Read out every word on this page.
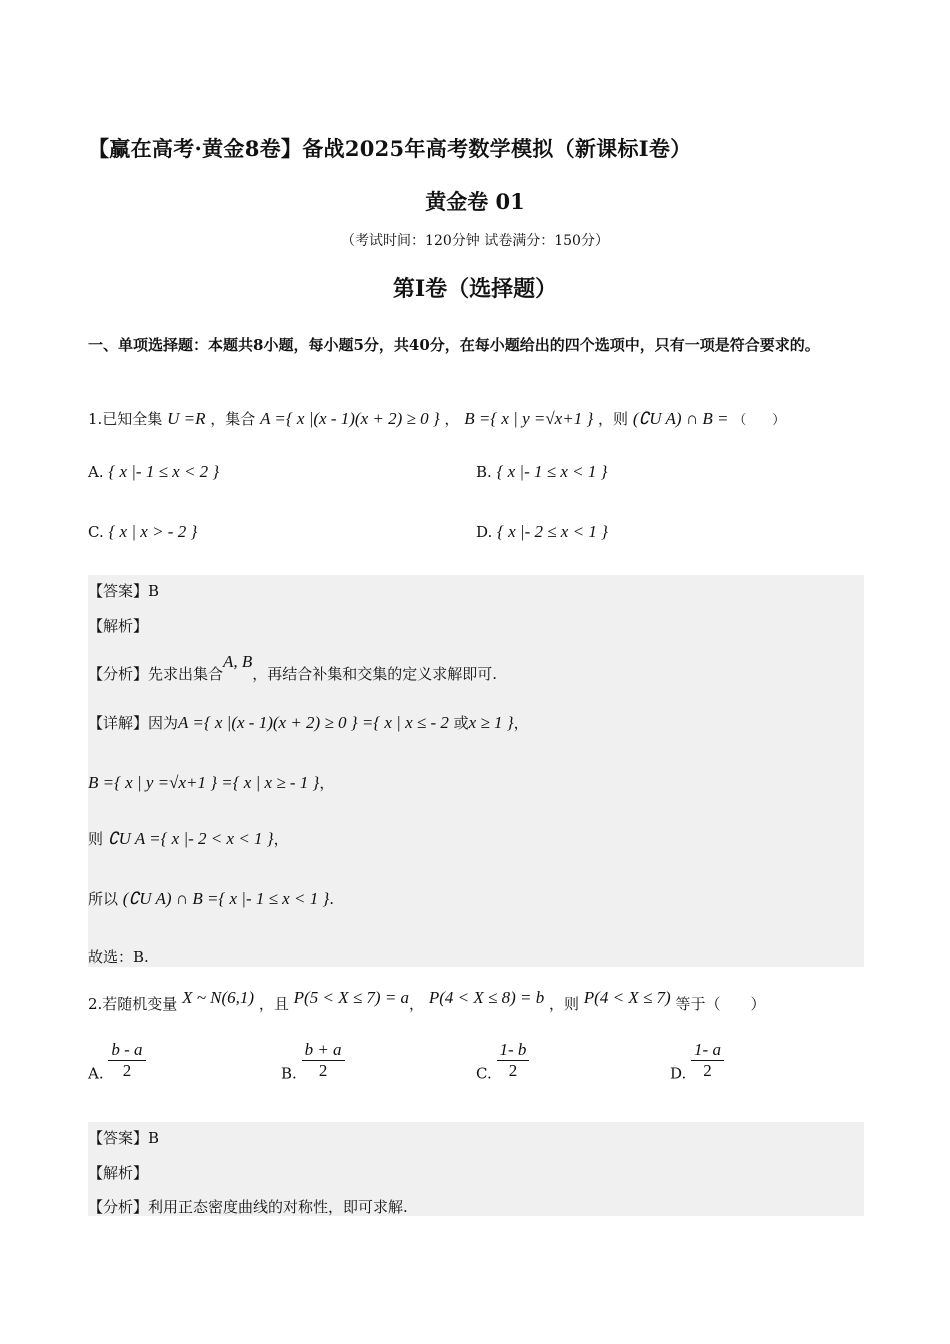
【赢在高考·黄金8卷】备战2025年高考数学模拟（新课标I卷）
黄金卷 01
（考试时间：120分钟 试卷满分：150分）
第I卷（选择题）
一、单项选择题：本题共8小题，每小题5分，共40分，在每小题给出的四个选项中，只有一项是符合要求的。
1.已知全集 U =R ，集合 A ={ x |(x - 1)(x + 2) ≥ 0 } ， B ={ x | y =√x+1 } ，则 (∁U A) ∩ B = （　　）
A. { x |- 1 ≤ x < 2 }	B. { x |- 1 ≤ x < 1 }
C. { x | x > - 2 }	D. { x |- 2 ≤ x < 1 }
【答案】B
【解析】
【分析】先求出集合A, B，再结合补集和交集的定义求解即可.
【详解】因为A ={ x |(x - 1)(x + 2) ≥ 0 } ={ x | x ≤ - 2 或x ≥ 1 }，
B ={ x | y =√x+1 } ={ x | x ≥ - 1 }，
则 ∁U A ={ x |- 2 < x < 1 }，
所以 (∁U A) ∩ B ={ x |- 1 ≤ x < 1 }.
故选：B.
2.若随机变量 X ~ N(6,1) ，且 P(5 < X ≤ 7) = a， P(4 < X ≤ 8) = b ，则 P(4 < X ≤ 7) 等于（　　）
A. $\frac{b - a}{2}$	B. $\frac{b + a}{2}$	C. $\frac{1- b}{2}$	D. $\frac{1- a}{2}$
【答案】B
【解析】
【分析】利用正态密度曲线的对称性，即可求解.
